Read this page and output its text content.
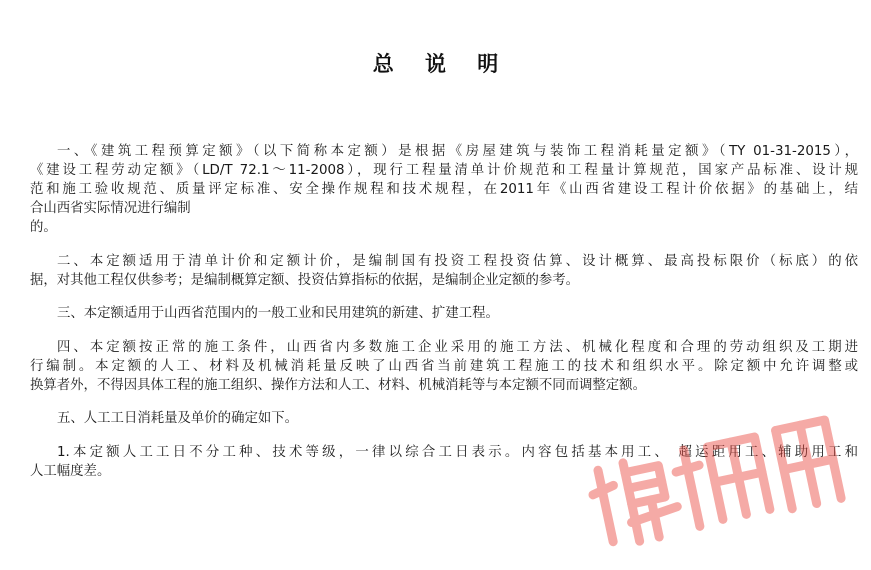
总 说 明

一、《建筑工程预算定额》（以下简称本定额）是根据《房屋建筑与装饰工程消耗量定额》（TY 01-31-2015），
《建设工程劳动定额》（LD/T 72.1～11-2008），现行工程量清单计价规范和工程量计算规范，国家产品标准、设计规
范和施工验收规范、质量评定标准、安全操作规程和技术规程，在2011年《山西省建设工程计价依据》的基础上，结
合山西省实际情况进行编制
的。

二、本定额适用于清单计价和定额计价，是编制国有投资工程投资估算、设计概算、最高投标限价（标底）的依
据，对其他工程仅供参考；是编制概算定额、投资估算指标的依据，是编制企业定额的参考。

三、本定额适用于山西省范围内的一般工业和民用建筑的新建、扩建工程。

四、本定额按正常的施工条件，山西省内多数施工企业采用的施工方法、机械化程度和合理的劳动组织及工期进
行编制。本定额的人工、材料及机械消耗量反映了山西省当前建筑工程施工的技术和组织水平。除定额中允许调整或
换算者外，不得因具体工程的施工组织、操作方法和人工、材料、机械消耗等与本定额不同而调整定额。

五、人工工日消耗量及单价的确定如下。

1.本定额人工工日不分工种、技术等级，一律以综合工日表示。内容包括基本用工、 超运距用工、辅助用工和
人工幅度差。
